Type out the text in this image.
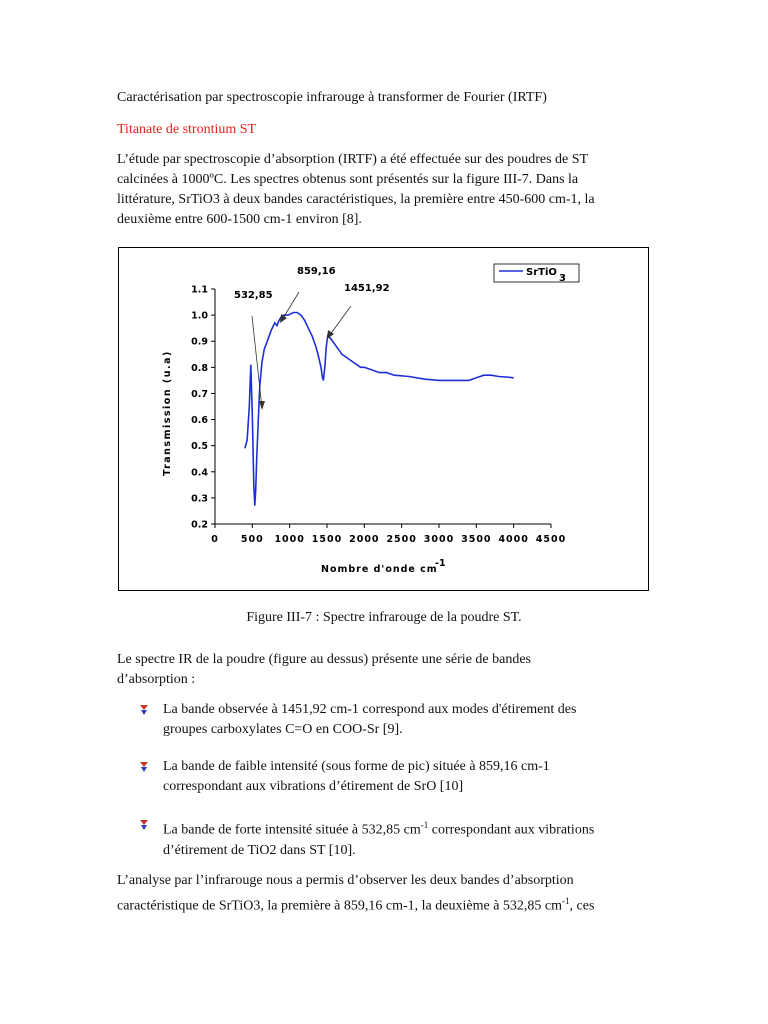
Caractérisation par spectroscopie infrarouge à transformer de Fourier (IRTF)
Titanate de strontium ST
L’étude par spectroscopie d’absorption (IRTF) a été effectuée sur des poudres de ST
calcinées à 1000ºC. Les spectres obtenus sont présentés sur la figure III-7. Dans la
littérature, SrTiO3 à deux bandes caractéristiques, la première entre 450-600 cm-1, la
deuxième entre 600-1500 cm-1 environ [8].
0.2
0.3
0.4
0.5
0.6
0.7
0.8
0.9
1.0
1.1
0 500 1000 1500 2000 2500 3000 3500 4000 4500
532,85
859,16
1451,92
SrTiO
3
Nombre d'onde cm
-1
Transmission (u.a)
Figure III-7 : Spectre infrarouge de la poudre ST.
Le spectre IR de la poudre (figure au dessus) présente une série de bandes
d’absorption :
La bande observée à 1451,92 cm-1 correspond aux modes d'étirement des
groupes carboxylates C=O en COO-Sr [9].
La bande de faible intensité (sous forme de pic) située à 859,16 cm-1
correspondant aux vibrations d’étirement de SrO [10]
La bande de forte intensité située à 532,85 $cm^{-1}$ correspondant aux vibrations
d’étirement de TiO2 dans ST [10].
L’analyse par l’infrarouge nous a permis d’observer les deux bandes d’absorption
caractéristique de SrTiO3, la première à 859,16 cm-1, la deuxième à 532,85 $cm^{-1}$, ces
